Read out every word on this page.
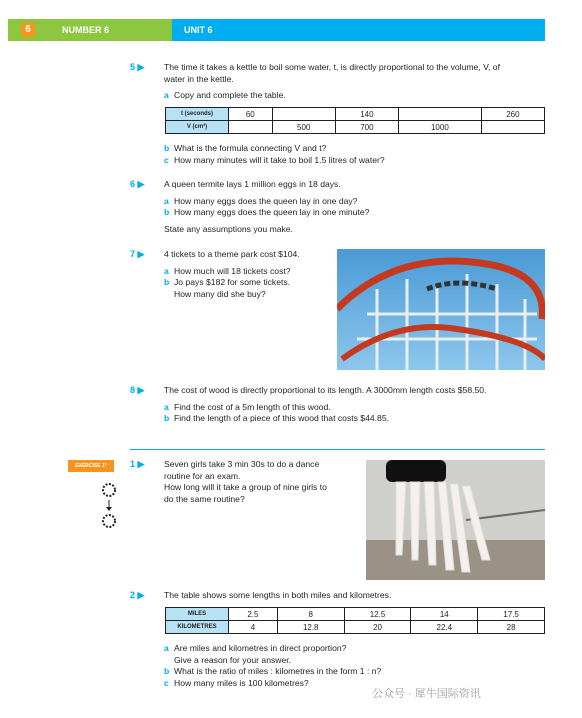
6	NUMBER 6	UNIT 6
5 ▶ The time it takes a kettle to boil some water, t, is directly proportional to the volume, V, of
water in the kettle.
a Copy and complete the table.
t (seconds)	60		140		260
V (cm³)		500	700	1000	
b What is the formula connecting V and t?
c How many minutes will it take to boil 1.5 litres of water?
6 ▶ A queen termite lays 1 million eggs in 18 days.
a How many eggs does the queen lay in one day?
b How many eggs does the queen lay in one minute?
State any assumptions you make.
7 ▶ 4 tickets to a theme park cost $104.
a How much will 18 tickets cost?
b Jo pays $182 for some tickets.
How many did she buy?
8 ▶ The cost of wood is directly proportional to its length. A 3000mm length costs $58.50.
a Find the cost of a 5m length of this wood.
b Find the length of a piece of this wood that costs $44.85.
EXERCISE 1*	1 ▶ Seven girls take 3 min 30s to do a dance
routine for an exam.
How long will it take a group of nine girls to
do the same routine?
2 ▶ The table shows some lengths in both miles and kilometres.
MILES	2.5	8	12.5	14	17.5
KILOMETRES	4	12.8	20	22.4	28
a Are miles and kilometres in direct proportion?
Give a reason for your answer.
b What is the ratio of miles : kilometres in the form 1 : n?
c How many miles is 100 kilometres?
公众号 · 犀牛国际资讯
